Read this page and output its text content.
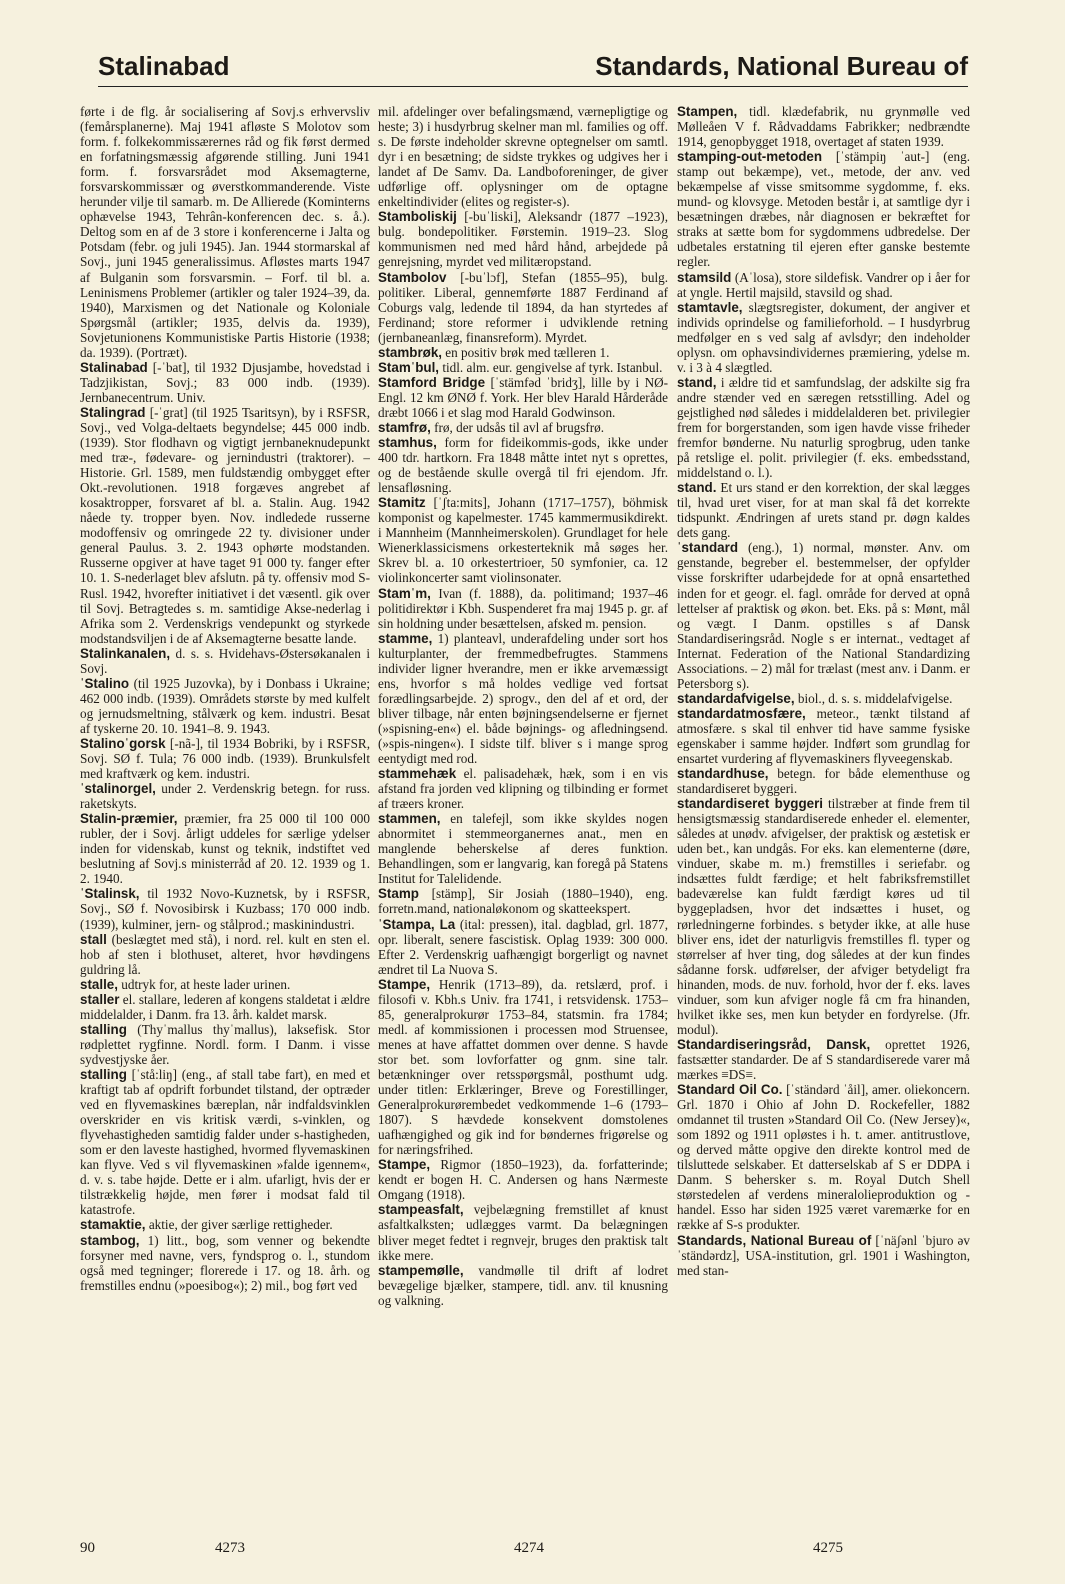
Stalinabad	Standards, National Bureau of

førte i de flg. år socialisering af Sovj.s erhvervsliv (femårsplanerne). Maj 1941 afløste S Molotov som form. f. folkekommissærernes råd og fik først dermed en forfatningsmæssig afgørende stilling. Juni 1941 form. f. forsvarsrådet mod Aksemagterne, forsvarskommissær og øverstkommanderende. Viste herunder vilje til samarb. m. De Allierede (Kominterns ophævelse 1943, Tehrân-konferencen dec. s. å.). Deltog som en af de 3 store i konferencerne i Jalta og Potsdam (febr. og juli 1945). Jan. 1944 stormarskal af Sovj., juni 1945 generalissimus. Afløstes marts 1947 af Bulganin som forsvarsmin. – Forf. til bl. a. Leninismens Problemer (artikler og taler 1924–39, da. 1940), Marxismen og det Nationale og Koloniale Spørgsmål (artikler; 1935, delvis da. 1939), Sovjetunionens Kommunistiske Partis Historie (1938; da. 1939). (Portræt).

Stalinabad [-ˈbat], til 1932 Djusjambe, hovedstad i Tadzjikistan, Sovj.; 83 000 indb. (1939). Jernbanecentrum. Univ.

Stalingrad [-ˈgrat] (til 1925 Tsaritsyn), by i RSFSR, Sovj., ved Volga-deltaets begyndelse; 445 000 indb. (1939). Stor flodhavn og vigtigt jernbaneknudepunkt med træ-, fødevare- og jernindustri (traktorer). – Historie. Grl. 1589, men fuldstændig ombygget efter Okt.-revolutionen. 1918 forgæves angrebet af kosaktropper, forsvaret af bl. a. Stalin. Aug. 1942 nåede ty. tropper byen. Nov. indledede russerne modoffensiv og omringede 22 ty. divisioner under general Paulus. 3. 2. 1943 ophørte modstanden. Russerne opgiver at have taget 91 000 ty. fanger efter 10. 1. S-nederlaget blev afslutn. på ty. offensiv mod S-Rusl. 1942, hvorefter initiativet i det væsentl. gik over til Sovj. Betragtedes s. m. samtidige Akse-nederlag i Afrika som 2. Verdenskrigs vendepunkt og styrkede modstandsviljen i de af Aksemagterne besatte lande.

Stalinkanalen, d. s. s. Hvidehavs-Østersøkanalen i Sovj.

ˈStalino (til 1925 Juzovka), by i Donbass i Ukraine; 462 000 indb. (1939). Områdets største by med kulfelt og jernudsmeltning, stålværk og kem. industri. Besat af tyskerne 20. 10. 1941–8. 9. 1943.

Stalinoˈgorsk [-nã-], til 1934 Bobriki, by i RSFSR, Sovj. SØ f. Tula; 76 000 indb. (1939). Brunkulsfelt med kraftværk og kem. industri.

ˈstalinorgel, under 2. Verdenskrig betegn. for russ. raketskyts.

Stalin-præmier, præmier, fra 25 000 til 100 000 rubler, der i Sovj. årligt uddeles for særlige ydelser inden for videnskab, kunst og teknik, indstiftet ved beslutning af Sovj.s ministerråd af 20. 12. 1939 og 1. 2. 1940.

ˈStalinsk, til 1932 Novo-Kuznetsk, by i RSFSR, Sovj., SØ f. Novosibirsk i Kuzbass; 170 000 indb. (1939), kulminer, jern- og stålprod.; maskinindustri.

stall (beslægtet med stå), i nord. rel. kult en sten el. hob af sten i blothuset, alteret, hvor høvdingens guldring lå.

stalle, udtryk for, at heste lader urinen.

staller el. stallare, lederen af kongens staldetat i ældre middelalder, i Danm. fra 13. årh. kaldet marsk.

stalling (Thyˈmallus thyˈmallus), laksefisk. Stor rødplettet rygfinne. Nordl. form. I Danm. i visse sydvestjyske åer.

stalling [ˈstå:liŋ] (eng., af stall tabe fart), en med et kraftigt tab af opdrift forbundet tilstand, der optræder ved en flyvemaskines bæreplan, når indfaldsvinklen overskrider en vis kritisk værdi, s-vinklen, og flyvehastigheden samtidig falder under s-hastigheden, som er den laveste hastighed, hvormed flyvemaskinen kan flyve. Ved s vil flyvemaskinen »falde igennem«, d. v. s. tabe højde. Dette er i alm. ufarligt, hvis der er tilstrækkelig højde, men fører i modsat fald til katastrofe.

stamaktie, aktie, der giver særlige rettigheder.

stambog, 1) litt., bog, som venner og bekendte forsyner med navne, vers, fyndsprog o. l., stundom også med tegninger; florerede i 17. og 18. årh. og fremstilles endnu (»poesibog«); 2) mil., bog ført ved

mil. afdelinger over befalingsmænd, værnepligtige og heste; 3) i husdyrbrug skelner man ml. families og off. s. De første indeholder skrevne optegnelser om samtl. dyr i en besætning; de sidste trykkes og udgives her i landet af De Samv. Da. Landboforeninger, de giver udførlige off. oplysninger om de optagne enkeltindivider (elites og register-s).

Stamboliskij [-buˈliski], Aleksandr (1877 –1923), bulg. bondepolitiker. Førstemin. 1919–23. Slog kommunismen ned med hård hånd, arbejdede på genrejsning, myrdet ved militæropstand.

Stambolov [-buˈlɔf], Stefan (1855–95), bulg. politiker. Liberal, gennemførte 1887 Ferdinand af Coburgs valg, ledende til 1894, da han styrtedes af Ferdinand; store reformer i udviklende retning (jernbaneanlæg, finansreform). Myrdet.

stambrøk, en positiv brøk med tælleren 1.

Stamˈbul, tidl. alm. eur. gengivelse af tyrk. Istanbul.

Stamford Bridge [ˈstämfəd ˈbridʒ], lille by i NØ-Engl. 12 km ØNØ f. York. Her blev Harald Hårderåde dræbt 1066 i et slag mod Harald Godwinson.

stamfrø, frø, der udsås til avl af brugsfrø.

stamhus, form for fideikommis-gods, ikke under 400 tdr. hartkorn. Fra 1848 måtte intet nyt s oprettes, og de bestående skulle overgå til fri ejendom. Jfr. lensafløsning.

Stamitz [ˈʃta:mits], Johann (1717–1757), böhmisk komponist og kapelmester. 1745 kammermusikdirekt. i Mannheim (Mannheimerskolen). Grundlaget for hele Wienerklassicismens orkesterteknik må søges her. Skrev bl. a. 10 orkestertrioer, 50 symfonier, ca. 12 violinkoncerter samt violinsonater.

Stamˈm, Ivan (f. 1888), da. politimand; 1937–46 politidirektør i Kbh. Suspenderet fra maj 1945 p. gr. af sin holdning under besættelsen, afsked m. pension.

stamme, 1) planteavl, underafdeling under sort hos kulturplanter, der fremmedbefrugtes. Stammens individer ligner hverandre, men er ikke arvemæssigt ens, hvorfor s må holdes vedlige ved fortsat forædlingsarbejde. 2) sprogv., den del af et ord, der bliver tilbage, når enten bøjningsendelserne er fjernet (»spisning-en«) el. både bøjnings- og afledningsend. (»spis-ningen«). I sidste tilf. bliver s i mange sprog eentydigt med rod.

stammehæk el. palisadehæk, hæk, som i en vis afstand fra jorden ved klipning og tilbinding er formet af træers kroner.

stammen, en talefejl, som ikke skyldes nogen abnormitet i stemmeorganernes anat., men en manglende beherskelse af deres funktion. Behandlingen, som er langvarig, kan foregå på Statens Institut for Talelidende.

Stamp [stämp], Sir Josiah (1880–1940), eng. forretn.mand, nationaløkonom og skatteekspert.

ˈStampa, La (ital: pressen), ital. dagblad, grl. 1877, opr. liberalt, senere fascistisk. Oplag 1939: 300 000. Efter 2. Verdenskrig uafhængigt borgerligt og navnet ændret til La Nuova S.

Stampe, Henrik (1713–89), da. retslærd, prof. i filosofi v. Kbh.s Univ. fra 1741, i retsvidensk. 1753–85, generalprokurør 1753–84, statsmin. fra 1784; medl. af kommissionen i processen mod Struensee, menes at have affattet dommen over denne. S havde stor bet. som lovforfatter og gnm. sine talr. betænkninger over retsspørgsmål, posthumt udg. under titlen: Erklæringer, Breve og Forestillinger, Generalprokurørembedet vedkommende 1–6 (1793–1807). S hævdede konsekvent domstolenes uafhængighed og gik ind for bøndernes frigørelse og for næringsfrihed.

Stampe, Rigmor (1850–1923), da. forfatterinde; kendt er bogen H. C. Andersen og hans Nærmeste Omgang (1918).

stampeasfalt, vejbelægning fremstillet af knust asfaltkalksten; udlægges varmt. Da belægningen bliver meget fedtet i regnvejr, bruges den praktisk talt ikke mere.

stampemølle, vandmølle til drift af lodret bevægelige bjælker, stampere, tidl. anv. til knusning og valkning.

Stampen, tidl. klædefabrik, nu grynmølle ved Mølleåen V f. Rådvaddams Fabrikker; nedbrændte 1914, genopbygget 1918, overtaget af staten 1939.

stamping-out-metoden [ˈstämpiŋ ˈaut-] (eng. stamp out bekæmpe), vet., metode, der anv. ved bekæmpelse af visse smitsomme sygdomme, f. eks. mund- og klovsyge. Metoden består i, at samtlige dyr i besætningen dræbes, når diagnosen er bekræftet for straks at sætte bom for sygdommens udbredelse. Der udbetales erstatning til ejeren efter ganske bestemte regler.

stamsild (Aˈlosa), store sildefisk. Vandrer op i åer for at yngle. Hertil majsild, stavsild og shad.

stamtavle, slægtsregister, dokument, der angiver et individs oprindelse og familieforhold. – I husdyrbrug medfølger en s ved salg af avlsdyr; den indeholder oplysn. om ophavsindividernes præmiering, ydelse m. v. i 3 à 4 slægtled.

stand, i ældre tid et samfundslag, der adskilte sig fra andre stænder ved en særegen retsstilling. Adel og gejstlighed nød således i middelalderen bet. privilegier frem for borgerstanden, som igen havde visse friheder fremfor bønderne. Nu naturlig sprogbrug, uden tanke på retslige el. polit. privilegier (f. eks. embedsstand, middelstand o. l.).

stand. Et urs stand er den korrektion, der skal lægges til, hvad uret viser, for at man skal få det korrekte tidspunkt. Ændringen af urets stand pr. døgn kaldes dets gang.

ˈstandard (eng.), 1) normal, mønster. Anv. om genstande, begreber el. bestemmelser, der opfylder visse forskrifter udarbejdede for at opnå ensartethed inden for et geogr. el. fagl. område for derved at opnå lettelser af praktisk og økon. bet. Eks. på s: Mønt, mål og vægt. I Danm. opstilles s af Dansk Standardiseringsråd. Nogle s er internat., vedtaget af Internat. Federation of the National Standardizing Associations. – 2) mål for trælast (mest anv. i Danm. er Petersborg s).

standardafvigelse, biol., d. s. s. middelafvigelse.

standardatmosfære, meteor., tænkt tilstand af atmosfære. s skal til enhver tid have samme fysiske egenskaber i samme højder. Indført som grundlag for ensartet vurdering af flyvemaskiners flyveegenskab.

standardhuse, betegn. for både elementhuse og standardiseret byggeri.

standardiseret byggeri tilstræber at finde frem til hensigtsmæssig standardiserede enheder el. elementer, således at unødv. afvigelser, der praktisk og æstetisk er uden bet., kan undgås. For eks. kan elementerne (døre, vinduer, skabe m. m.) fremstilles i seriefabr. og indsættes fuldt færdige; et helt fabriksfremstillet badeværelse kan fuldt færdigt køres ud til byggepladsen, hvor det indsættes i huset, og rørledningerne forbindes. s betyder ikke, at alle huse bliver ens, idet der naturligvis fremstilles fl. typer og størrelser af hver ting, dog således at der kun findes sådanne forsk. udførelser, der afviger betydeligt fra hinanden, mods. de nuv. forhold, hvor der f. eks. laves vinduer, som kun afviger nogle få cm fra hinanden, hvilket ikke ses, men kun betyder en fordyrelse. (Jfr. modul).

Standardiseringsråd, Dansk, oprettet 1926, fastsætter standarder. De af S standardiserede varer må mærkes ≡DS≡.

Standard Oil Co. [ˈständərd ˈåil], amer. oliekoncern. Grl. 1870 i Ohio af John D. Rockefeller, 1882 omdannet til trusten »Standard Oil Co. (New Jersey)«, som 1892 og 1911 opløstes i h. t. amer. antitrustlove, og derved måtte opgive den direkte kontrol med de tilsluttede selskaber. Et datterselskab af S er DDPA i Danm. S behersker s. m. Royal Dutch Shell størstedelen af verdens mineralolieproduktion og -handel. Esso har siden 1925 været varemærke for en række af S-s produkter.

Standards, National Bureau of [ˈnäʃənl ˈbjuro əv ˈständərdz], USA-institution, grl. 1901 i Washington, med stan-

90	4273	4274	4275
